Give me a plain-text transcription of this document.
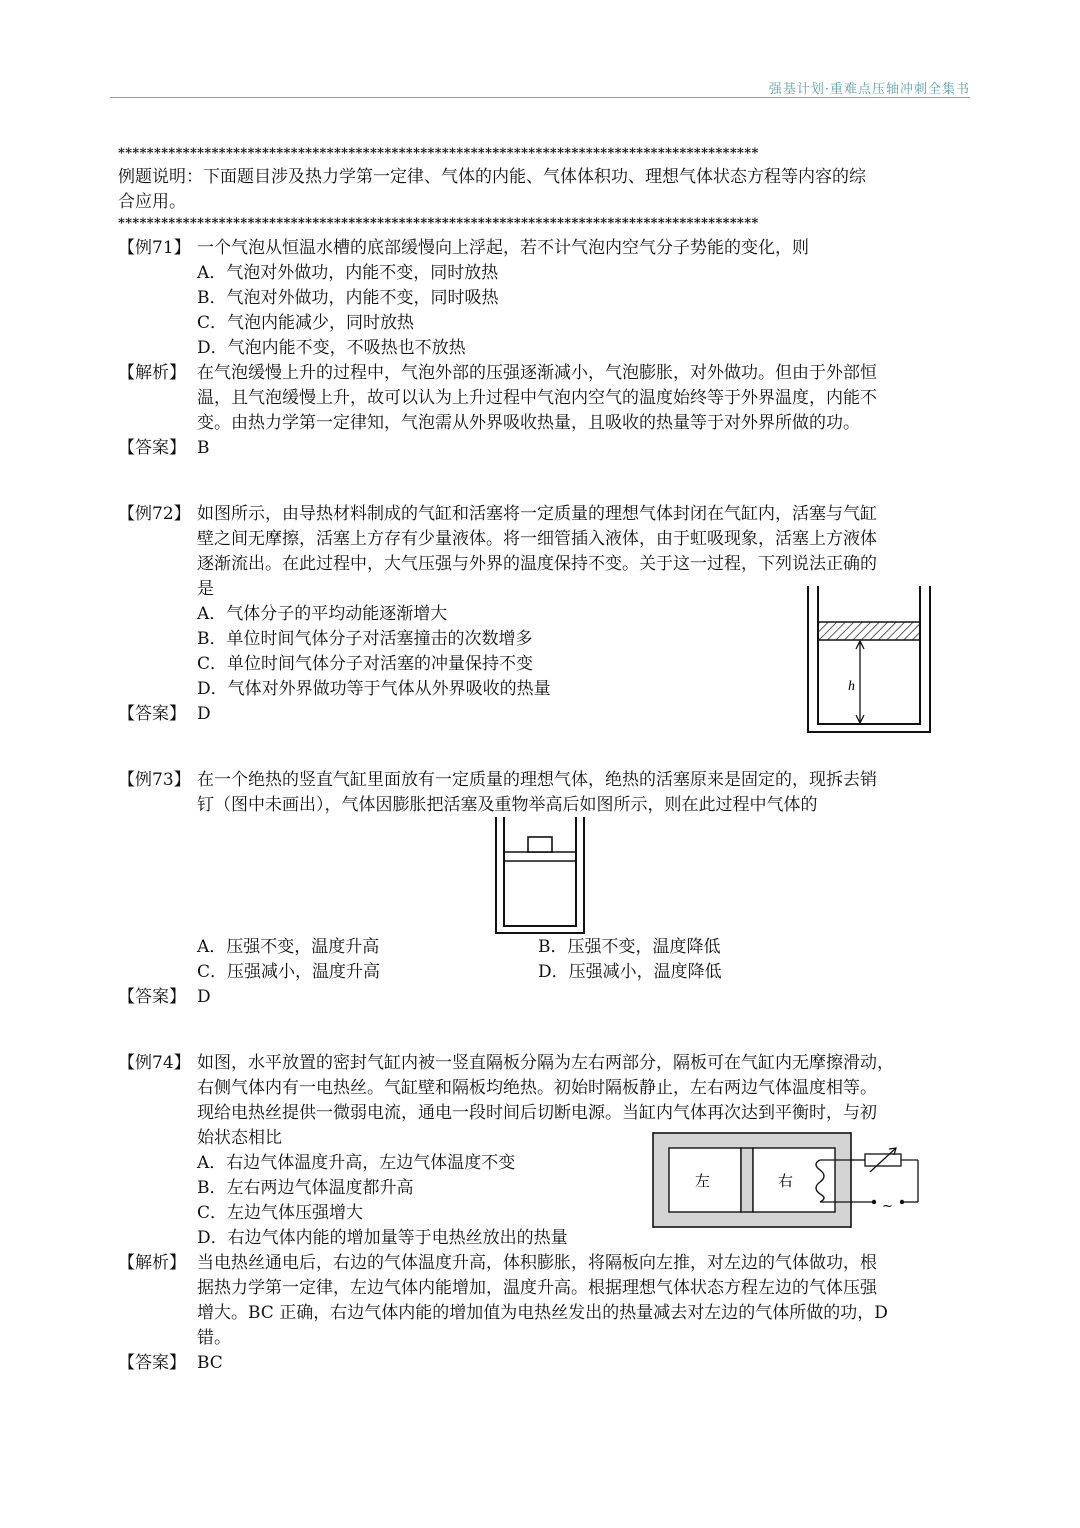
强基计划·重难点压轴冲刺全集书
*****************************************************************************************
例题说明：下面题目涉及热力学第一定律、气体的内能、气体体积功、理想气体状态方程等内容的综
合应用。
*****************************************************************************************
【例71】 一个气泡从恒温水槽的底部缓慢向上浮起，若不计气泡内空气分子势能的变化，则
A．气泡对外做功，内能不变，同时放热
B．气泡对外做功，内能不变，同时吸热
C．气泡内能减少，同时放热
D．气泡内能不变，不吸热也不放热
【解析】 在气泡缓慢上升的过程中，气泡外部的压强逐渐减小，气泡膨胀，对外做功。但由于外部恒
温，且气泡缓慢上升，故可以认为上升过程中气泡内空气的温度始终等于外界温度，内能不
变。由热力学第一定律知，气泡需从外界吸收热量，且吸收的热量等于对外界所做的功。
【答案】 B
【例72】 如图所示，由导热材料制成的气缸和活塞将一定质量的理想气体封闭在气缸内，活塞与气缸
壁之间无摩擦，活塞上方存有少量液体。将一细管插入液体，由于虹吸现象，活塞上方液体
逐渐流出。在此过程中，大气压强与外界的温度保持不变。关于这一过程，下列说法正确的
是
A．气体分子的平均动能逐渐增大
B．单位时间气体分子对活塞撞击的次数增多
C．单位时间气体分子对活塞的冲量保持不变
D．气体对外界做功等于气体从外界吸收的热量
【答案】 D
h
【例73】 在一个绝热的竖直气缸里面放有一定质量的理想气体，绝热的活塞原来是固定的，现拆去销
钉（图中未画出），气体因膨胀把活塞及重物举高后如图所示，则在此过程中气体的
A．压强不变，温度升高	B．压强不变，温度降低
C．压强减小，温度升高	D．压强减小，温度降低
【答案】 D
【例74】 如图，水平放置的密封气缸内被一竖直隔板分隔为左右两部分，隔板可在气缸内无摩擦滑动，
右侧气体内有一电热丝。气缸壁和隔板均绝热。初始时隔板静止，左右两边气体温度相等。
现给电热丝提供一微弱电流，通电一段时间后切断电源。当缸内气体再次达到平衡时，与初
始状态相比
A．右边气体温度升高，左边气体温度不变
B．左右两边气体温度都升高
C．左边气体压强增大
D．右边气体内能的增加量等于电热丝放出的热量
左	右
~
【解析】 当电热丝通电后，右边的气体温度升高，体积膨胀，将隔板向左推，对左边的气体做功，根
据热力学第一定律，左边气体内能增加，温度升高。根据理想气体状态方程左边的气体压强
增大。BC 正确，右边气体内能的增加值为电热丝发出的热量减去对左边的气体所做的功，D
错。
【答案】 BC
